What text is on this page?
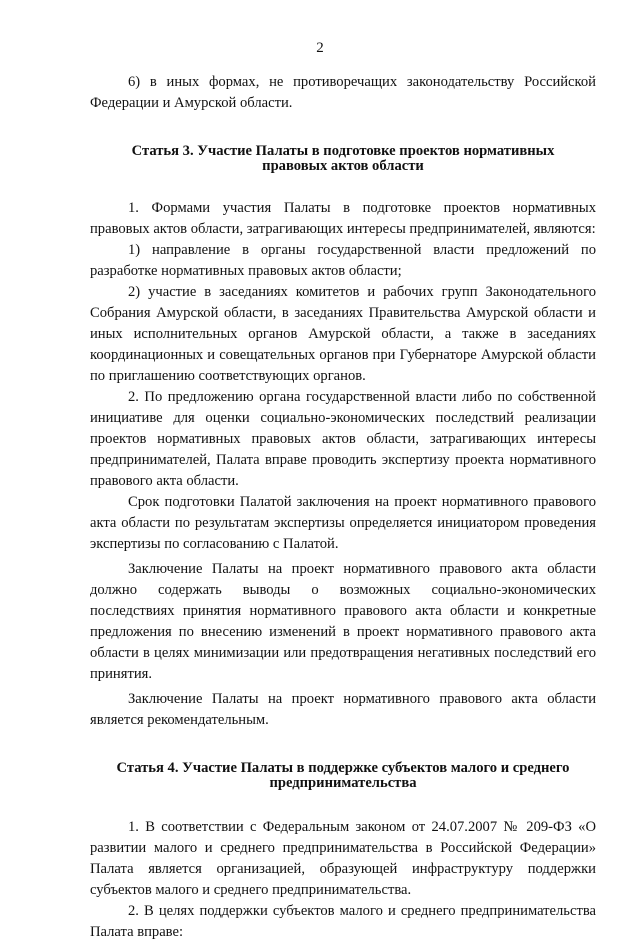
2

6) в иных формах, не противоречащих законодательству Российской Федерации и Амурской области.

Статья 3. Участие Палаты в подготовке проектов нормативных правовых актов области

1. Формами участия Палаты в подготовке проектов нормативных правовых актов области, затрагивающих интересы предпринимателей, являются:

1) направление в органы государственной власти предложений по разработке нормативных правовых актов области;

2) участие в заседаниях комитетов и рабочих групп Законодательного Собрания Амурской области, в заседаниях Правительства Амурской области и иных исполнительных органов Амурской области, а также в заседаниях координационных и совещательных органов при Губернаторе Амурской области по приглашению соответствующих органов.

2. По предложению органа государственной власти либо по собственной инициативе для оценки социально-экономических последствий реализации проектов нормативных правовых актов области, затрагивающих интересы предпринимателей, Палата вправе проводить экспертизу проекта нормативного правового акта области.

Срок подготовки Палатой заключения на проект нормативного правового акта области по результатам экспертизы определяется инициатором проведения экспертизы по согласованию с Палатой.

Заключение Палаты на проект нормативного правового акта области должно содержать выводы о возможных социально-экономических последствиях принятия нормативного правового акта области и конкретные предложения по внесению изменений в проект нормативного правового акта области в целях минимизации или предотвращения негативных последствий его принятия.

Заключение Палаты на проект нормативного правового акта области является рекомендательным.

Статья 4. Участие Палаты в поддержке субъектов малого и среднего предпринимательства

1. В соответствии с Федеральным законом от 24.07.2007 № 209-ФЗ «О развитии малого и среднего предпринимательства в Российской Федерации» Палата является организацией, образующей инфраструктуру поддержки субъектов малого и среднего предпринимательства.

2. В целях поддержки субъектов малого и среднего предпринимательства Палата вправе:
